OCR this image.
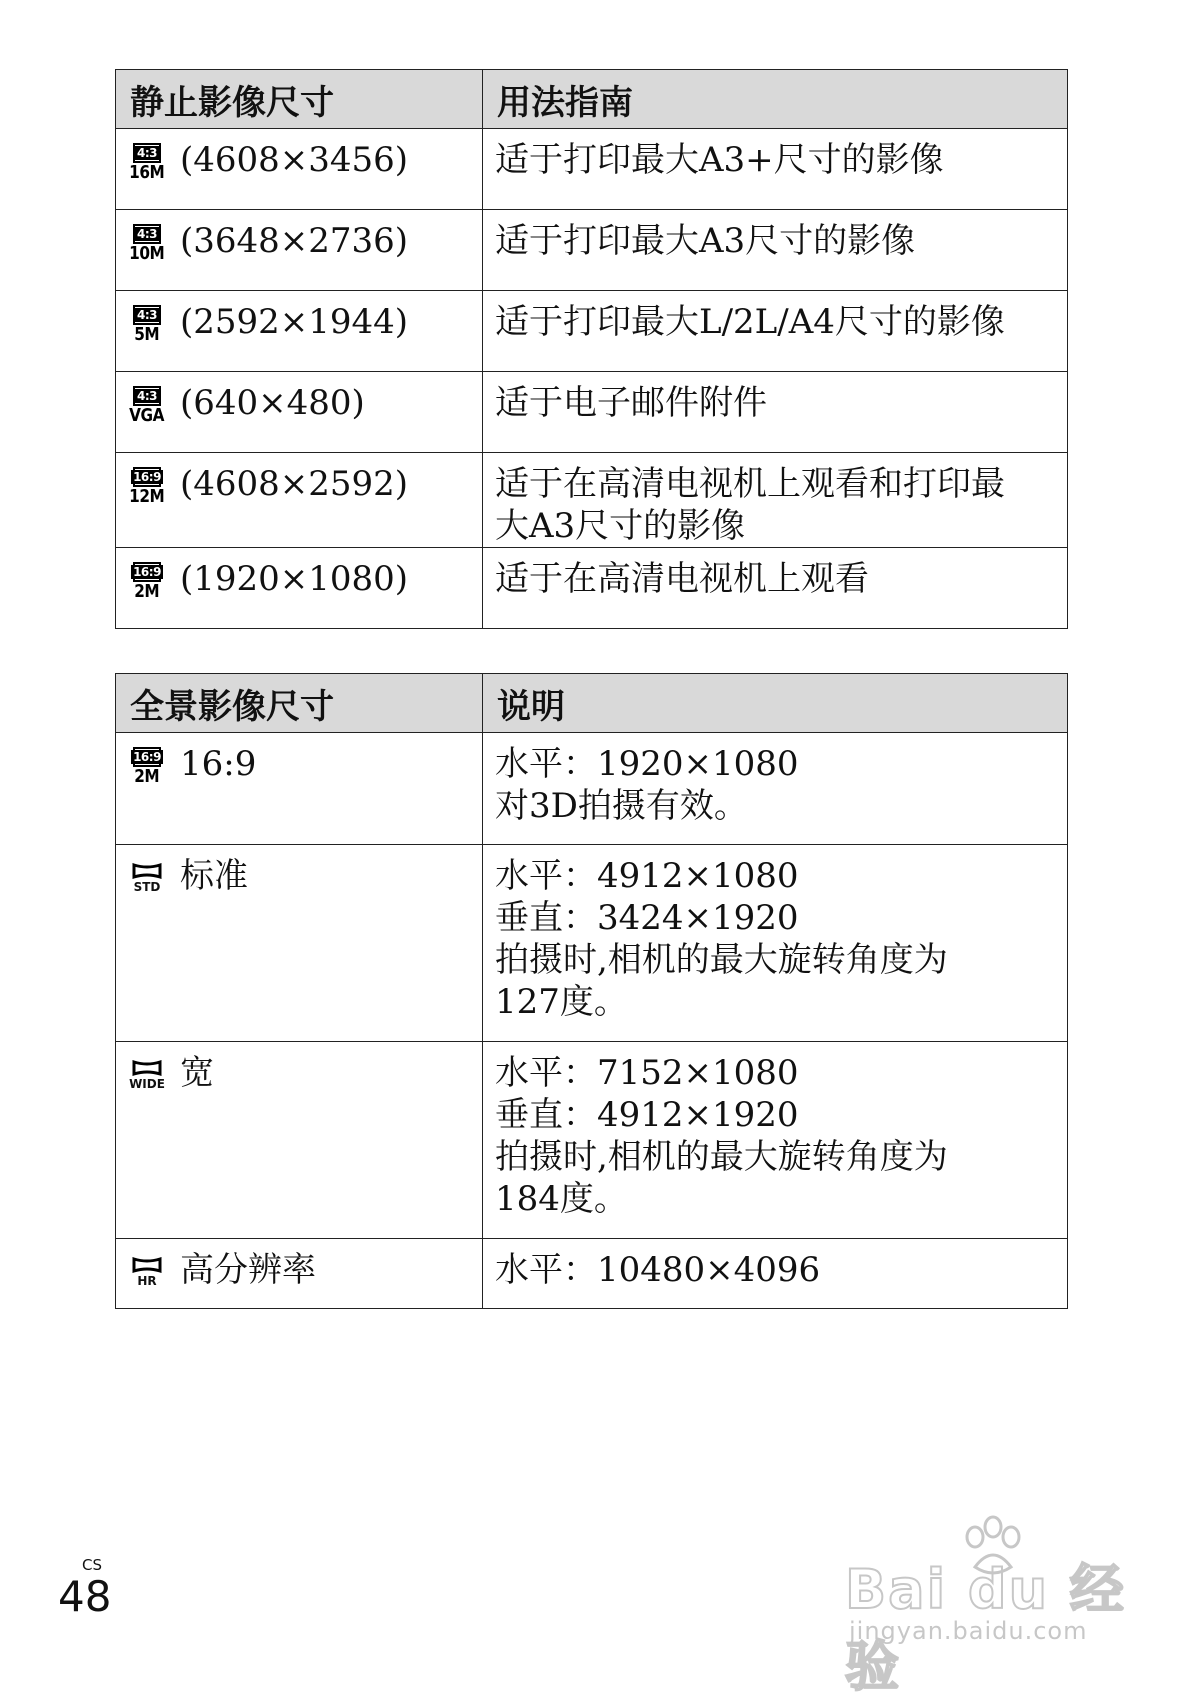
静止影像尺寸	用法指南

4:3
16M (4608×3456)	适于打印最大A3+尺寸的影像

4:3
10M (3648×2736)	适于打印最大A3尺寸的影像

4:3
5M (2592×1944)	适于打印最大L/2L/A4尺寸的影像

4:3
VGA (640×480)	适于电子邮件附件

16:9
12M (4608×2592)	适于在高清电视机上观看和打印最
大A3尺寸的影像

16:9
2M (1920×1080)	适于在高清电视机上观看
全景影像尺寸	说明

16:9
2M 16:9	水平：1920×1080
对3D拍摄有效。

STD 标准	水平：4912×1080
垂直：3424×1920
拍摄时,相机的最大旋转角度为
127度。

WIDE 宽	水平：7152×1080
垂直：4912×1920
拍摄时,相机的最大旋转角度为
184度。

HR 高分辨率	水平：10480×4096
CS
48	Bai du 经验
jingyan.baidu.com
